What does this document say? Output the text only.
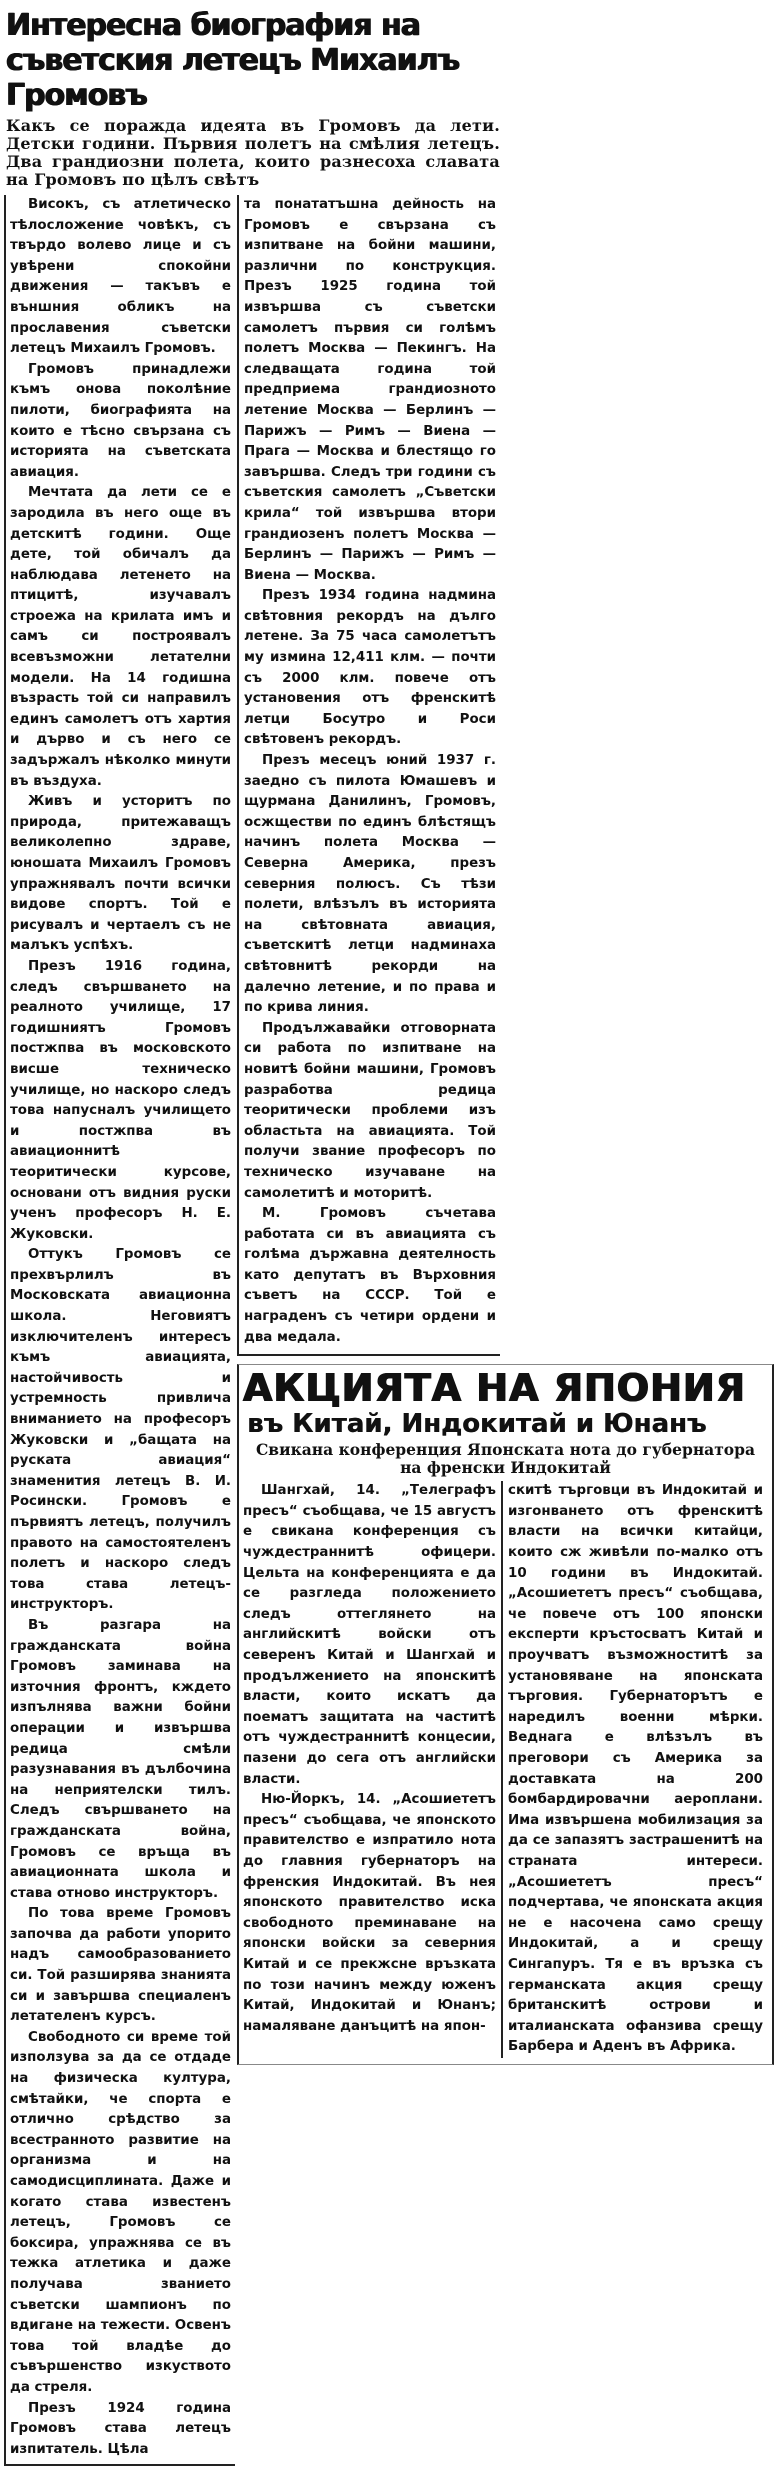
Интересна биография на съветския летецъ Михаилъ Громовъ
Какъ се поражда идеята въ Громовъ да лети. Детски години. Първия полетъ на смѣлия летецъ. Два грандиозни полета, които разнесоха славата на Громовъ по цѣлъ свѣтъ

Високъ, съ атлетическо тѣлосложение човѣкъ, съ твърдо волево лице и съ увѣрени спокойни движения — такъвъ е външния обликъ на прославения съветски летецъ Михаилъ Громовъ.

Громовъ принадлежи къмъ онова поколѣние пилоти, биографията на които е тѣсно свързана съ историята на съветската авиация.

Мечтата да лети се е зародила въ него още въ детскитѣ години. Още дете, той обичалъ да наблюдава летенето на птицитѣ, изучавалъ строежа на крилата имъ и самъ си построявалъ всевъзможни летателни модели. На 14 годишна възрасть той си направилъ единъ самолетъ отъ хартия и дърво и съ него се задържалъ нѣколко минути въ въздуха.

Живъ и усторитъ по природа, притежаващъ великолепно здраве, юношата Михаилъ Громовъ упражнявалъ почти всички видове спортъ. Той е рисувалъ и чертаелъ съ не малъкъ успѣхъ.

Презъ 1916 година, следъ свършването на реалното училище, 17 годишниятъ Громовъ постжпва въ московското висше техническо училище, но наскоро следъ това напусналъ училището и постжпва въ авиационнитѣ теоритически курсове, основани отъ видния руски ученъ професоръ Н. Е. Жуковски.

Оттукъ Громовъ се прехвърлилъ въ Московската авиационна школа. Неговиятъ изключителенъ интересъ къмъ авиацията, настойчивость и устремность привлича вниманието на професоръ Жуковски и „бащата на руската авиация“ знаменития летецъ В. И. Росински. Громовъ е първиятъ летецъ, получилъ правото на самостоятеленъ полетъ и наскоро следъ това става летецъ-инструкторъ.

Въ разгара на гражданската война Громовъ заминава на източния фронтъ, кждето изпълнява важни бойни операции и извършва редица смѣли разузнавания въ дълбочина на неприятелски тилъ. Следъ свършването на гражданската война, Громовъ се връща въ авиационната школа и става отново инструкторъ.

По това време Громовъ започва да работи упорито надъ самообразованието си. Той разширява знанията си и завършва специаленъ летателенъ курсъ.

Свободното си време той използува за да се отдаде на физическа култура, смѣтайки, че спорта е отлично срѣдство за всестранното развитие на организма и на самодисциплината. Даже и когато става известенъ летецъ, Громовъ се боксира, упражнява се въ тежка атлетика и даже получава званието съветски шампионъ по вдигане на тежести. Освенъ това той владѣе до съвършенство изкуството да стреля.

Презъ 1924 година Громовъ става летецъ изпитатель. Цѣла

та понататъшна дейность на Громовъ е свързана съ изпитване на бойни машини, различни по конструкция. Презъ 1925 година той извършва съ съветски самолетъ първия си голѣмъ полетъ Москва — Пекингъ. На следващата година той предприема грандиозното летение Москва — Берлинъ — Парижъ — Римъ — Виена — Прага — Москва и блестящо го завършва. Следъ три години съ съветския самолетъ „Съветски крила“ той извършва втори грандиозенъ полетъ Москва — Берлинъ — Парижъ — Римъ — Виена — Москва.

Презъ 1934 година надмина свѣтовния рекордъ на дълго летене. За 75 часа самолетътъ му измина 12,411 клм. — почти съ 2000 клм. повече отъ установения отъ френскитѣ летци Босутро и Роси свѣтовенъ рекордъ.

Презъ месецъ юний 1937 г. заедно съ пилота Юмашевъ и щурмана Данилинъ, Громовъ, осжществи по единъ блѣстящъ начинъ полета Москва — Северна Америка, презъ северния полюсъ. Съ тѣзи полети, влѣзълъ въ историята на свѣтовната авиация, съветскитѣ летци надминаха свѣтовнитѣ рекорди на далечно летение, и по права и по крива линия.

Продължавайки отговорната си работа по изпитване на новитѣ бойни машини, Громовъ разработва редица теоритически проблеми изъ областьта на авиацията. Той получи звание професоръ по техническо изучаване на самолетитѣ и моторитѣ.

М. Громовъ съчетава работата си въ авиацията съ голѣма държавна деятелность като депутатъ въ Върховния съветъ на СССР. Той е награденъ съ четири ордени и два медала.

АКЦИЯТА НА ЯПОНИЯ
въ Китай, Индокитай и Юнанъ
Свикана конференция Японската нота до губернатора на френски Индокитай

Шангхай, 14. „Телеграфъ пресъ“ съобщава, че 15 августъ е свикана конференция съ чуждестраннитѣ офицери. Цельта на конференцията е да се разгледа положението следъ оттеглянето на английскитѣ войски отъ северенъ Китай и Шангхай и продължението на японскитѣ власти, които искатъ да поематъ защитата на частитѣ отъ чуждестраннитѣ концесии, пазени до сега отъ английски власти.

Ню-Йоркъ, 14. „Асошиететъ пресъ“ съобщава, че японското правителство е изпратило нота до главния губернаторъ на френския Индокитай. Въ нея японското правителство иска свободното преминаване на японски войски за северния Китай и се прекжсне връзката по този начинъ между юженъ Китай, Индокитай и Юнанъ; намаляване данъцитѣ на япон-

скитѣ търговци въ Индокитай и изгонването отъ френскитѣ власти на всички китайци, които сж живѣли по-малко отъ 10 години въ Индокитай. „Асошиететъ пресъ“ съобщава, че повече отъ 100 японски експерти кръстосватъ Китай и проучватъ възможноститѣ за установяване на японската търговия. Губернаторътъ е наредилъ военни мѣрки. Веднага е влѣзълъ въ преговори съ Америка за доставката на 200 бомбардировачни аероплани. Има извършена мобилизация за да се запазятъ застрашенитѣ на страната интереси. „Асошиететъ пресъ“ подчертава, че японската акция не е насочена само срещу Индокитай, а и срещу Сингапуръ. Тя е въ връзка съ германската акция срещу британскитѣ острови и италианската офанзива срещу Барбера и Аденъ въ Африка.
